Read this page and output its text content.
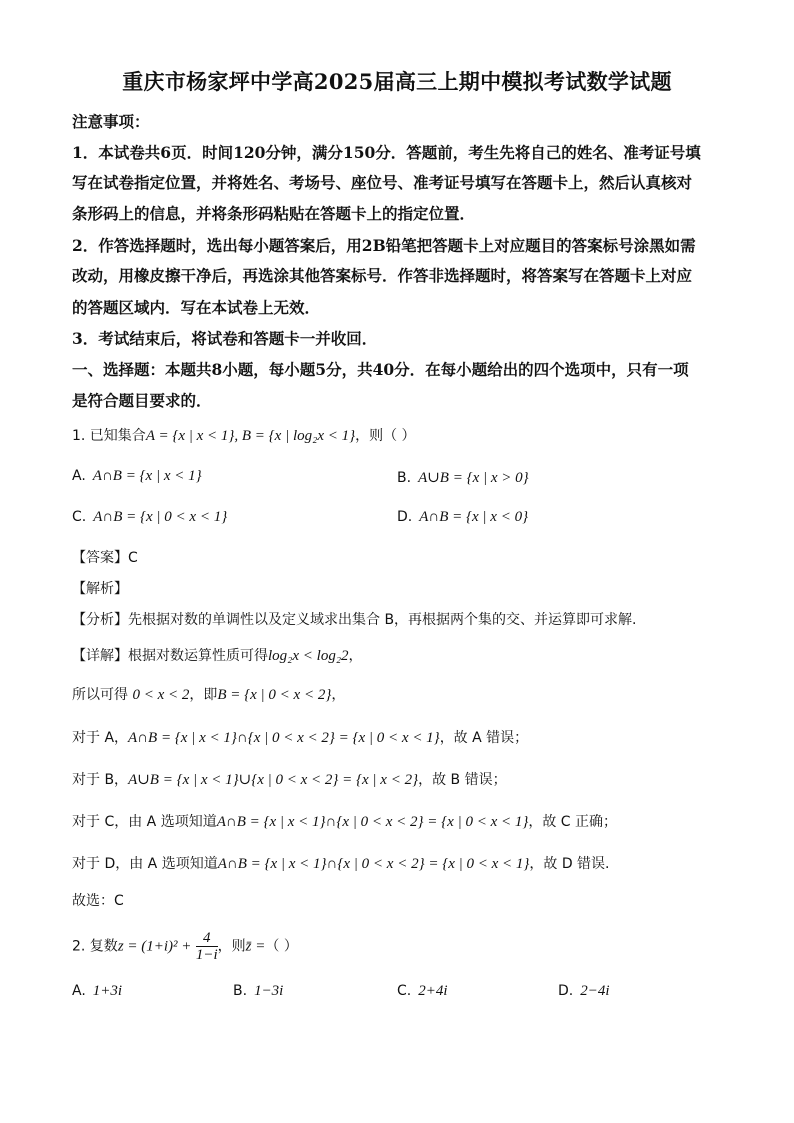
重庆市杨家坪中学高2025届高三上期中模拟考试数学试题
注意事项：
1．本试卷共6页．时间120分钟，满分150分．答题前，考生先将自己的姓名、准考证号填
写在试卷指定位置，并将姓名、考场号、座位号、准考证号填写在答题卡上，然后认真核对
条形码上的信息，并将条形码粘贴在答题卡上的指定位置．
2．作答选择题时，选出每小题答案后，用2B铅笔把答题卡上对应题目的答案标号涂黑如需
改动，用橡皮擦干净后，再选涂其他答案标号．作答非选择题时，将答案写在答题卡上对应
的答题区域内．写在本试卷上无效．
3．考试结束后，将试卷和答题卡一并收回．
一、选择题：本题共8小题，每小题5分，共40分．在每小题给出的四个选项中，只有一项
是符合题目要求的．
1. 已知集合A = {x | x < 1}, B = {x | log₂x < 1}，则（ ）
A. A∩B = {x | x < 1}	B. A∪B = {x | x > 0}
C. A∩B = {x | 0 < x < 1}	D. A∩B = {x | x < 0}
【答案】C
【解析】
【分析】先根据对数的单调性以及定义域求出集合 B，再根据两个集的交、并运算即可求解.
【详解】根据对数运算性质可得log₂x < log₂2，
所以可得 0 < x < 2，即B = {x | 0 < x < 2}，
对于 A，A∩B = {x | x < 1}∩{x | 0 < x < 2} = {x | 0 < x < 1}，故 A 错误；
对于 B，A∪B = {x | x < 1}∪{x | 0 < x < 2} = {x | x < 2}，故 B 错误；
对于 C，由 A 选项知道A∩B = {x | x < 1}∩{x | 0 < x < 2} = {x | 0 < x < 1}，故 C 正确；
对于 D，由 A 选项知道A∩B = {x | x < 1}∩{x | 0 < x < 2} = {x | 0 < x < 1}，故 D 错误.
故选：C
2. 复数$z = (1+i)^2 + \frac{4}{1-i}$ ，则z̄ =（ ）
A. 1+3i	B. 1−3i	C. 2+4i	D. 2−4i
